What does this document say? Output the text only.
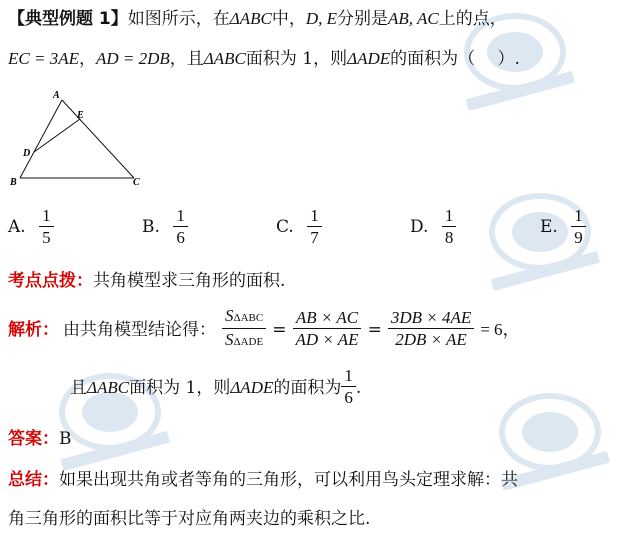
【典型例题 1】如图所示，在ΔABC中，D, E分别是AB, AC上的点，
EC = 3AE，AD = 2DB，且ΔABC面积为 1，则ΔADE的面积为（　 ）.
A
E
D
B	C
A. $\frac{1}{5}$	B. $\frac{1}{6}$	C. $\frac{1}{7}$	D. $\frac{1}{8}$	E. $\frac{1}{9}$
考点点拨：共角模型求三角形的面积.
解析： 由共角模型结论得： $\frac{\text{SΔABC}}{\text{SΔADE}} = \frac{AB \times AC}{AD \times AE} = \frac{3DB \times 4AE}{2DB \times AE} = 6$ ，
且 ΔABC 面积为 1，则 ΔADE 的面积为 $\frac{1}{6}$ .
答案：B
总结：如果出现共角或者等角的三角形，可以利用鸟头定理求解：共
角三角形的面积比等于对应角两夹边的乘积之比.
